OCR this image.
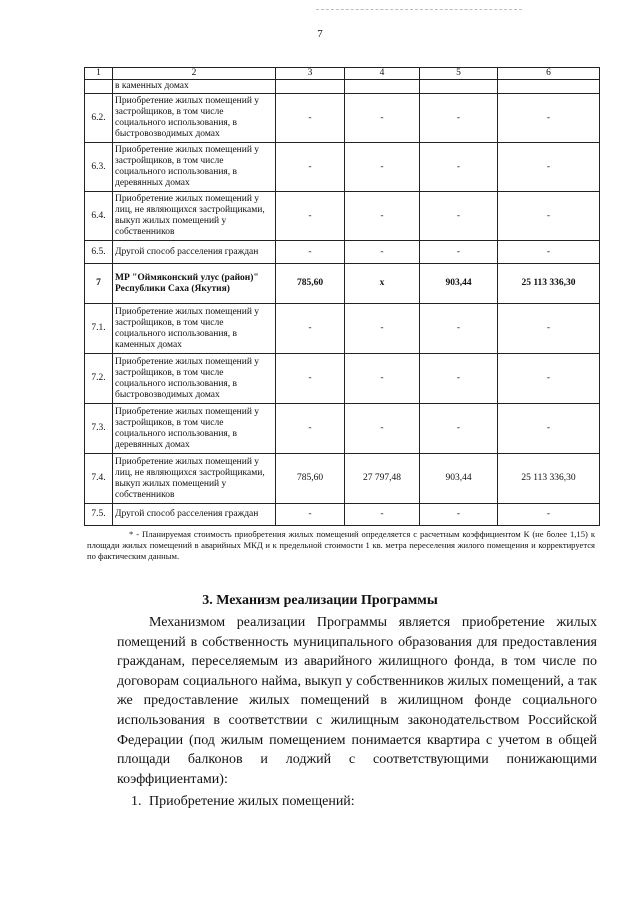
7
1	2	3	4	5	6
	в каменных домах				
6.2.	Приобретение жилых помещений у застройщиков, в том числе социального использования, в быстровозводимых домах	-	-	-	-
6.3.	Приобретение жилых помещений у застройщиков, в том числе социального использования, в деревянных домах	-	-	-	-
6.4.	Приобретение жилых помещений у лиц, не являющихся застройщиками, выкуп жилых помещений у собственников	-	-	-	-
6.5.	Другой способ расселения граждан	-	-	-	-
7	МР "Оймяконский улус (район)" Республики Саха (Якутия)	785,60	x	903,44	25 113 336,30
7.1.	Приобретение жилых помещений у застройщиков, в том числе социального использования, в каменных домах	-	-	-	-
7.2.	Приобретение жилых помещений у застройщиков, в том числе социального использования, в быстровозводимых домах	-	-	-	-
7.3.	Приобретение жилых помещений у застройщиков, в том числе социального использования, в деревянных домах	-	-	-	-
7.4.	Приобретение жилых помещений у лиц, не являющихся застройщиками, выкуп жилых помещений у собственников	785,60	27 797,48	903,44	25 113 336,30
7.5.	Другой способ расселения граждан	-	-	-	-
* - Планируемая стоимость приобретения жилых помещений определяется с расчетным коэффициентом К (не более 1,15) к площади жилых помещений в аварийных МКД и к предельной стоимости 1 кв. метра переселения жилого помещения и корректируется по фактическим данным.
3. Механизм реализации Программы
Механизмом реализации Программы является приобретение жилых помещений в собственность муниципального образования для предоставления гражданам, переселяемым из аварийного жилищного фонда, в том числе по договорам социального найма, выкуп у собственников жилых помещений, а так же предоставление жилых помещений в жилищном фонде социального использования в соответствии с жилищным законодательством Российской Федерации (под жилым помещением понимается квартира с учетом в общей площади балконов и лоджий с соответствующими понижающими коэффициентами):
1. Приобретение жилых помещений:
